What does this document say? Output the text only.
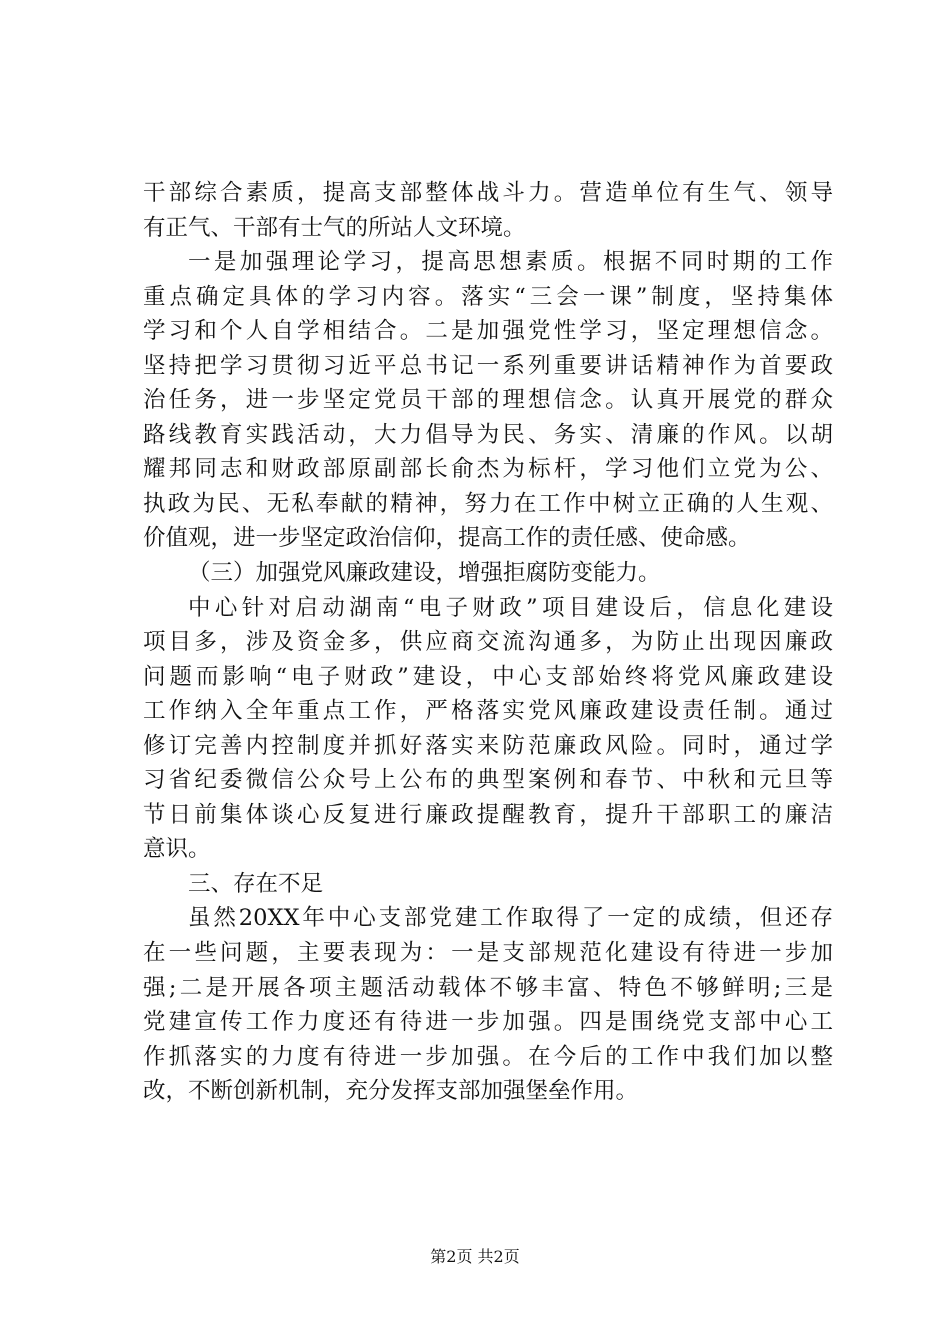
干部综合素质，提高支部整体战斗力。营造单位有生气、领导
有正气、干部有士气的所站人文环境。
一是加强理论学习，提高思想素质。根据不同时期的工作
重点确定具体的学习内容。落实“三会一课”制度，坚持集体
学习和个人自学相结合。二是加强党性学习，坚定理想信念。
坚持把学习贯彻习近平总书记一系列重要讲话精神作为首要政
治任务，进一步坚定党员干部的理想信念。认真开展党的群众
路线教育实践活动，大力倡导为民、务实、清廉的作风。以胡
耀邦同志和财政部原副部长俞杰为标杆，学习他们立党为公、
执政为民、无私奉献的精神，努力在工作中树立正确的人生观、
价值观，进一步坚定政治信仰，提高工作的责任感、使命感。
（三）加强党风廉政建设，增强拒腐防变能力。
中心针对启动湖南“电子财政”项目建设后，信息化建设
项目多，涉及资金多，供应商交流沟通多，为防止出现因廉政
问题而影响“电子财政”建设，中心支部始终将党风廉政建设
工作纳入全年重点工作，严格落实党风廉政建设责任制。通过
修订完善内控制度并抓好落实来防范廉政风险。同时，通过学
习省纪委微信公众号上公布的典型案例和春节、中秋和元旦等
节日前集体谈心反复进行廉政提醒教育，提升干部职工的廉洁
意识。
三、存在不足
虽然20XX年中心支部党建工作取得了一定的成绩，但还存
在一些问题，主要表现为：一是支部规范化建设有待进一步加
强;二是开展各项主题活动载体不够丰富、特色不够鲜明;三是
党建宣传工作力度还有待进一步加强。四是围绕党支部中心工
作抓落实的力度有待进一步加强。在今后的工作中我们加以整
改，不断创新机制，充分发挥支部加强堡垒作用。
第2页 共2页
